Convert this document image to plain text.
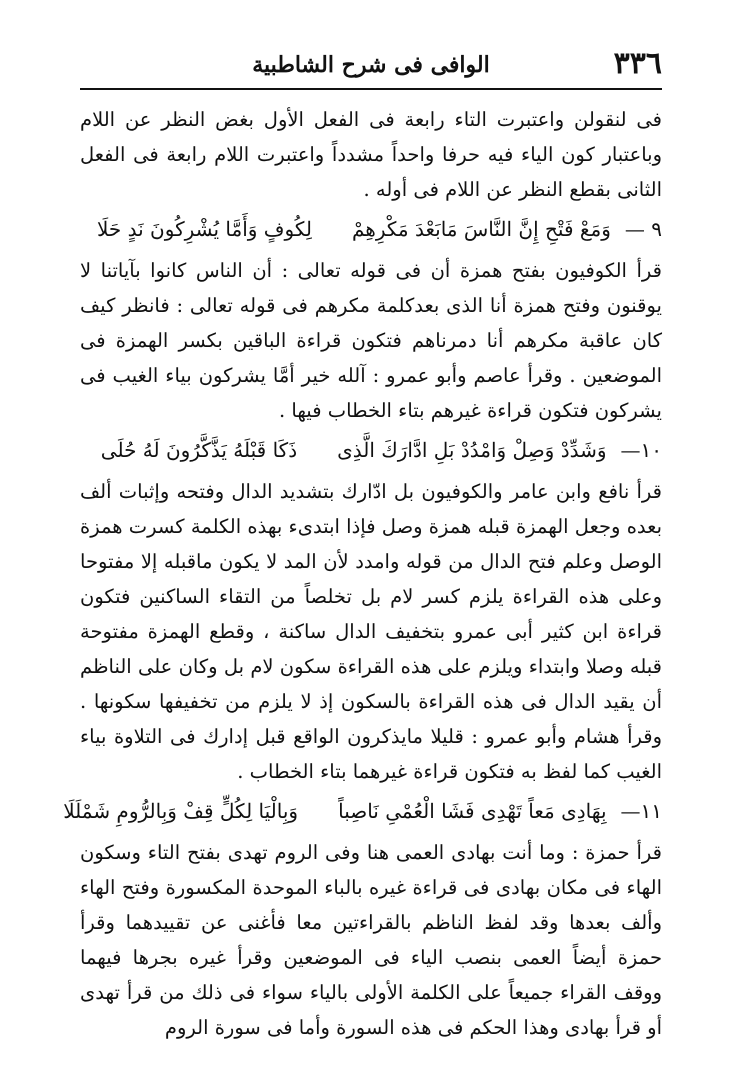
٣٣٦
الوافى فى شرح الشاطبية

فى لنقولن واعتبرت التاء رابعة فى الفعل الأول بغض النظر عن اللام وباعتبار كون الياء فيه حرفا واحداً مشدداً واعتبرت اللام رابعة فى الفعل الثانى بقطع النظر عن اللام فى أوله .

٩ —وَمَعْ فَتْحِ إِنَّ النَّاسَ مَابَعْدَ مَكْرِهِمْلِكُوفٍ وَأَمَّا يُشْرِكُونَ نَدٍ حَلَا

قرأ الكوفيون بفتح همزة أن فى قوله تعالى : أن الناس كانوا بآياتنا لا يوقنون وفتح همزة أنا الذى بعدكلمة مكرهم فى قوله تعالى : فانظر كيف كان عاقبة مكرهم أنا دمرناهم فتكون قراءة الباقين بكسر الهمزة فى الموضعين . وقرأ عاصم وأبو عمرو : آلله خير أمَّا يشركون بياء الغيب فى يشركون فتكون قراءة غيرهم بتاء الخطاب فيها .

١٠—وَشَدِّدْ وَصِلْ وَامْدُدْ بَلِ ادَّارَكَ الَّذِىذَكَا قَبْلَهُ يَذَّكَّرُونَ لَهُ حُلَى

قرأ نافع وابن عامر والكوفيون بل ادّارك بتشديد الدال وفتحه وإثبات ألف بعده وجعل الهمزة قبله همزة وصل فإذا ابتدىء بهذه الكلمة كسرت همزة الوصل وعلم فتح الدال من قوله وامدد لأن المد لا يكون ماقبله إلا مفتوحا وعلى هذه القراءة يلزم كسر لام بل تخلصاً من التقاء الساكنين فتكون قراءة ابن كثير أبى عمرو بتخفيف الدال ساكنة ، وقطع الهمزة مفتوحة قبله وصلا وابتداء ويلزم على هذه القراءة سكون لام بل وكان على الناظم أن يقيد الدال فى هذه القراءة بالسكون إذ لا يلزم من تخفيفها سكونها . وقرأ هشام وأبو عمرو : قليلا مايذكرون الواقع قبل إدارك فى التلاوة بياء الغيب كما لفظ به فتكون قراءة غيرهما بتاء الخطاب .

١١—بِهَادِى مَعاً تَهْدِى فَشَا الْعُمْىِ نَاصِباًوَبِالْيَا لِكُلٍّ قِفْ وَبِالرُّومِ شَمْلَلَا

قرأ حمزة : وما أنت بهادى العمى هنا وفى الروم تهدى بفتح التاء وسكون الهاء فى مكان بهادى فى قراءة غيره بالباء الموحدة المكسورة وفتح الهاء وألف بعدها وقد لفظ الناظم بالقراءتين معا فأغنى عن تقييدهما وقرأ حمزة أيضاً العمى بنصب الياء فى الموضعين وقرأ غيره بجرها فيهما ووقف القراء جميعاً على الكلمة الأولى بالياء سواء فى ذلك من قرأ تهدى أو قرأ بهادى وهذا الحكم فى هذه السورة وأما فى سورة الروم
